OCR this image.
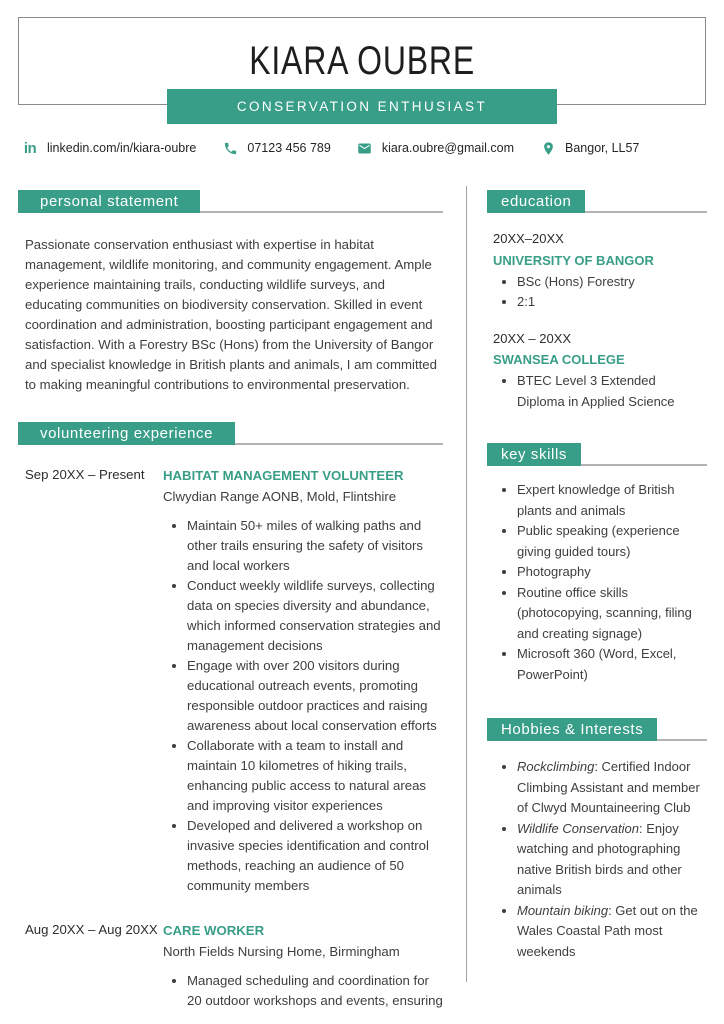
KIARA OUBRE
CONSERVATION ENTHUSIAST
in linkedin.com/in/kiara-oubre	07123 456 789	kiara.oubre@gmail.com	Bangor, LL57
personal statement

Passionate conservation enthusiast with expertise in habitat management, wildlife monitoring, and community engagement. Ample experience maintaining trails, conducting wildlife surveys, and educating communities on biodiversity conservation. Skilled in event coordination and administration, boosting participant engagement and satisfaction. With a Forestry BSc (Hons) from the University of Bangor and specialist knowledge in British plants and animals, I am committed to making meaningful contributions to environmental preservation.

volunteering experience
Sep 20XX – Present	HABITAT MANAGEMENT VOLUNTEER
Clwydian Range AONB, Mold, Flintshire
• Maintain 50+ miles of walking paths and other trails ensuring the safety of visitors and local workers
• Conduct weekly wildlife surveys, collecting data on species diversity and abundance, which informed conservation strategies and management decisions
• Engage with over 200 visitors during educational outreach events, promoting responsible outdoor practices and raising awareness about local conservation efforts
• Collaborate with a team to install and maintain 10 kilometres of hiking trails, enhancing public access to natural areas and improving visitor experiences
• Developed and delivered a workshop on invasive species identification and control methods, reaching an audience of 50 community members
Aug 20XX – Aug 20XX CARE WORKER
North Fields Nursing Home, Birmingham
• Managed scheduling and coordination for 20 outdoor workshops and events, ensuring
education
20XX–20XX
UNIVERSITY OF BANGOR
• BSc (Hons) Forestry
• 2:1
20XX – 20XX
SWANSEA COLLEGE
• BTEC Level 3 Extended Diploma in Applied Science
key skills
• Expert knowledge of British plants and animals
• Public speaking (experience giving guided tours)
• Photography
• Routine office skills (photocopying, scanning, filing and creating signage)
• Microsoft 360 (Word, Excel, PowerPoint)
Hobbies & Interests
• Rockclimbing: Certified Indoor Climbing Assistant and member of Clwyd Mountaineering Club
• Wildlife Conservation: Enjoy watching and photographing native British birds and other animals
• Mountain biking: Get out on the Wales Coastal Path most weekends
